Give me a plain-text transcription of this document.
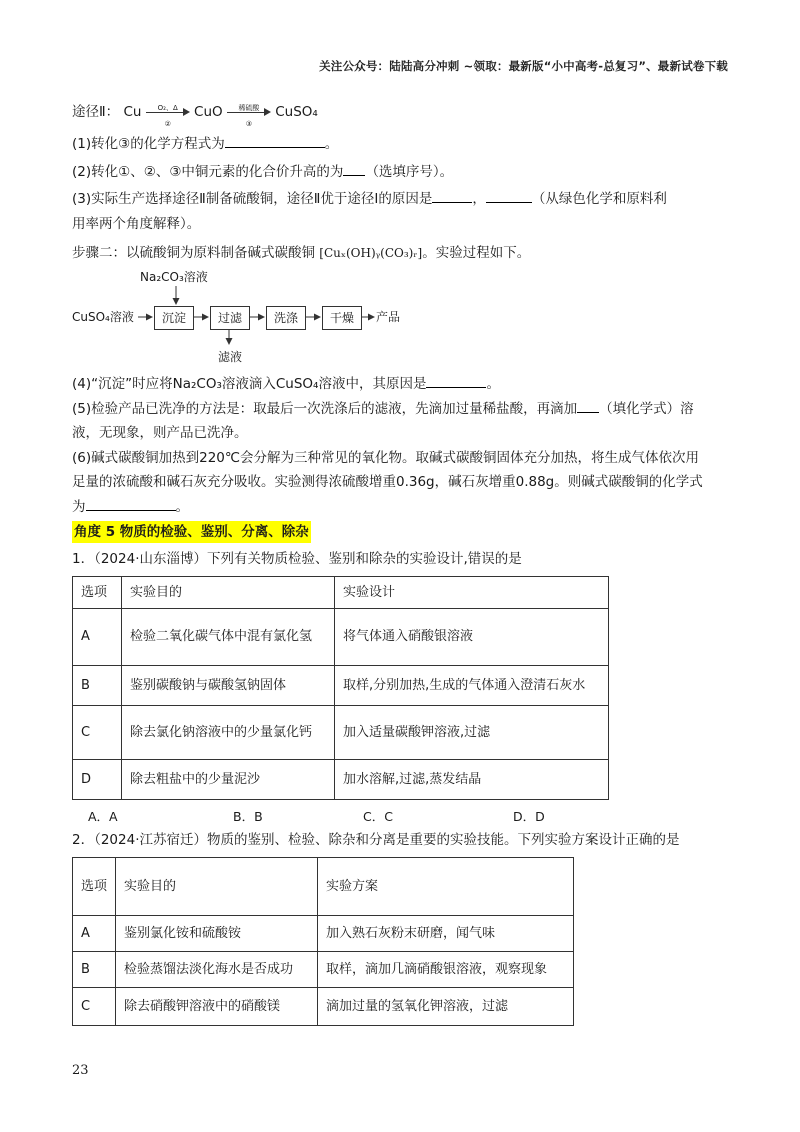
关注公众号：陆陆高分冲刺 ~领取：最新版“小中高考-总复习”、最新试卷下载
途径Ⅱ： Cu	O₂、Δ
②
CuO	稀硫酸
③
CuSO₄
(1)转化③的化学方程式为	。
(2)转化①、②、③中铜元素的化合价升高的为 （选填序号）。
(3)实际生产选择途径Ⅱ制备硫酸铜，途径Ⅱ优于途径Ⅰ的原因是	，	（从绿色化学和原料利
用率两个角度解释）。
步骤二：以硫酸铜为原料制备碱式碳酸铜 [Cuₓ(OH)ᵧ(CO₃)ᵣ]。实验过程如下。
Na₂CO₃溶液
CuSO₄溶液	沉淀	过滤	洗涤	干燥	产品
滤液
(4)“沉淀”时应将Na₂CO₃溶液滴入CuSO₄溶液中，其原因是	。
(5)检验产品已洗净的方法是：取最后一次洗涤后的滤液，先滴加过量稀盐酸，再滴加 （填化学式）溶
液，无现象，则产品已洗净。
(6)碱式碳酸铜加热到220℃会分解为三种常见的氧化物。取碱式碳酸铜固体充分加热，将生成气体依次用
足量的浓硫酸和碱石灰充分吸收。实验测得浓硫酸增重0.36g，碱石灰增重0.88g。则碱式碳酸铜的化学式
为	。
角度 5 物质的检验、鉴别、分离、除杂
1．（2024·山东淄博）下列有关物质检验、鉴别和除杂的实验设计,错误的是
选项	实验目的	实验设计
A	检验二氧化碳气体中混有氯化氢	将气体通入硝酸银溶液
B	鉴别碳酸钠与碳酸氢钠固体	取样,分别加热,生成的气体通入澄清石灰水
C	除去氯化钠溶液中的少量氯化钙	加入适量碳酸钾溶液,过滤
D	除去粗盐中的少量泥沙	加水溶解,过滤,蒸发结晶
A．A	B．B	C．C	D．D
2．（2024·江苏宿迁）物质的鉴别、检验、除杂和分离是重要的实验技能。下列实验方案设计正确的是
选项	实验目的	实验方案
A	鉴别氯化铵和硫酸铵	加入熟石灰粉末研磨，闻气味
B	检验蒸馏法淡化海水是否成功	取样，滴加几滴硝酸银溶液，观察现象
C	除去硝酸钾溶液中的硝酸镁	滴加过量的氢氧化钾溶液，过滤
23
